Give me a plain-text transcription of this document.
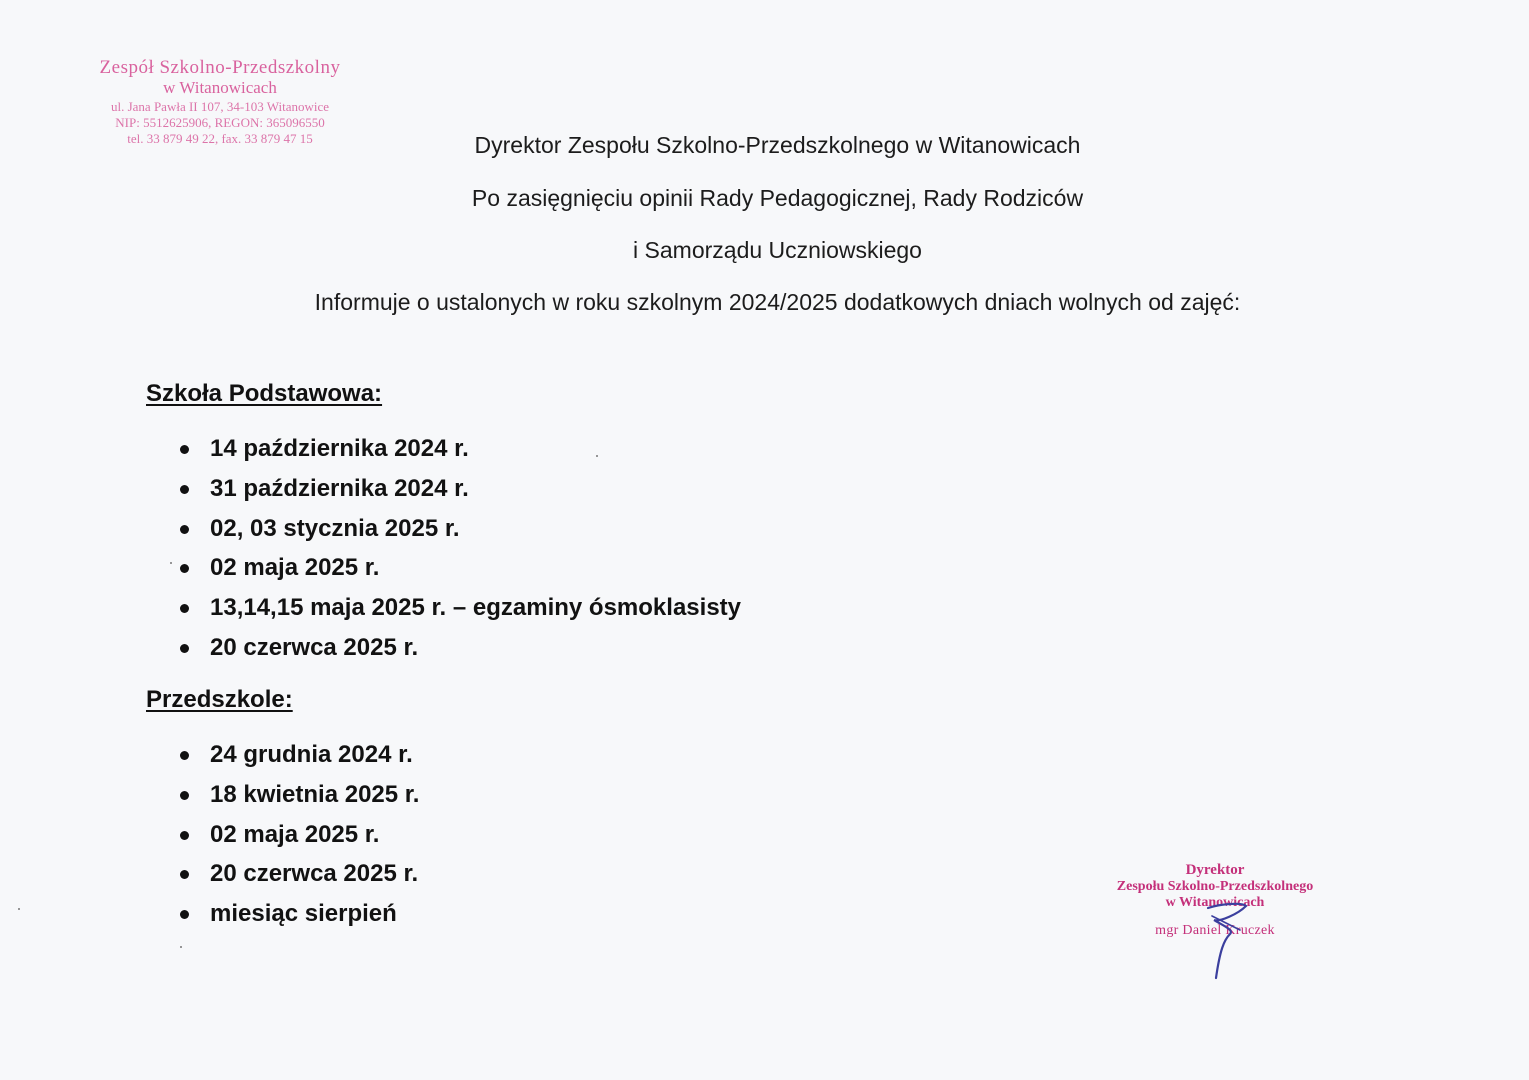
Zespół Szkolno-Przedszkolny
w Witanowicach
ul. Jana Pawła II 107, 34-103 Witanowice
NIP: 5512625906, REGON: 365096550
tel. 33 879 49 22, fax. 33 879 47 15	Dyrektor Zespołu Szkolno-Przedszkolnego w Witanowicach
Po zasięgnięciu opinii Rady Pedagogicznej, Rady Rodziców
i Samorządu Uczniowskiego
Informuje o ustalonych w roku szkolnym 2024/2025 dodatkowych dniach wolnych od zajęć:
Szkoła Podstawowa:
14 października 2024 r.
31 października 2024 r.
02, 03 stycznia 2025 r.
02 maja 2025 r.
13,14,15 maja 2025 r. – egzaminy ósmoklasisty
20 czerwca 2025 r.
Przedszkole:
24 grudnia 2024 r.
18 kwietnia 2025 r.
02 maja 2025 r.
20 czerwca 2025 r.
miesiąc sierpień
Dyrektor
Zespołu Szkolno-Przedszkolnego
w Witanowicach
mgr Daniel Kruczek
